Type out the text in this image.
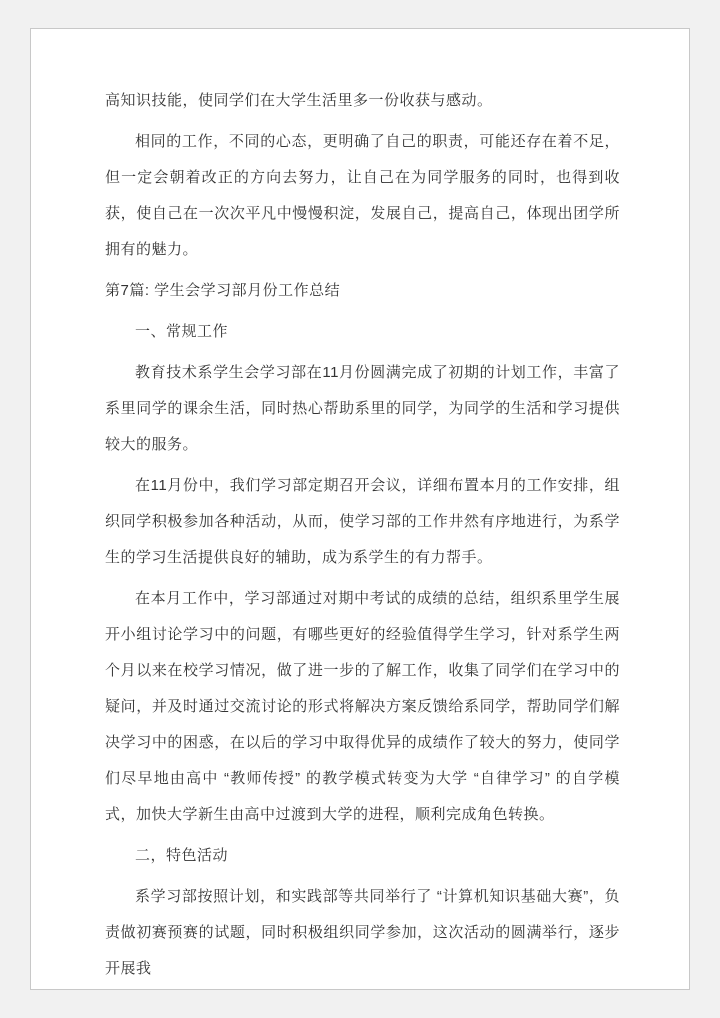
高知识技能，使同学们在大学生活里多一份收获与感动。

相同的工作，不同的心态，更明确了自己的职责，可能还存在着不足，但一定会朝着改正的方向去努力，让自己在为同学服务的同时，也得到收获，使自己在一次次平凡中慢慢积淀，发展自己，提高自己，体现出团学所拥有的魅力。

第7篇: 学生会学习部月份工作总结

一、常规工作

教育技术系学生会学习部在11月份圆满完成了初期的计划工作，丰富了系里同学的课余生活，同时热心帮助系里的同学，为同学的生活和学习提供较大的服务。

在11月份中，我们学习部定期召开会议，详细布置本月的工作安排，组织同学积极参加各种活动，从而，使学习部的工作井然有序地进行，为系学生的学习生活提供良好的辅助，成为系学生的有力帮手。

在本月工作中，学习部通过对期中考试的成绩的总结，组织系里学生展开小组讨论学习中的问题，有哪些更好的经验值得学生学习，针对系学生两个月以来在校学习情况，做了进一步的了解工作，收集了同学们在学习中的疑问，并及时通过交流讨论的形式将解决方案反馈给系同学，帮助同学们解决学习中的困惑，在以后的学习中取得优异的成绩作了较大的努力，使同学们尽早地由高中 “教师传授” 的教学模式转变为大学 “自律学习” 的自学模式，加快大学新生由高中过渡到大学的进程，顺利完成角色转换。

二，特色活动

系学习部按照计划，和实践部等共同举行了 “计算机知识基础大赛”，负责做初赛预赛的试题，同时积极组织同学参加，这次活动的圆满举行，逐步开展我
